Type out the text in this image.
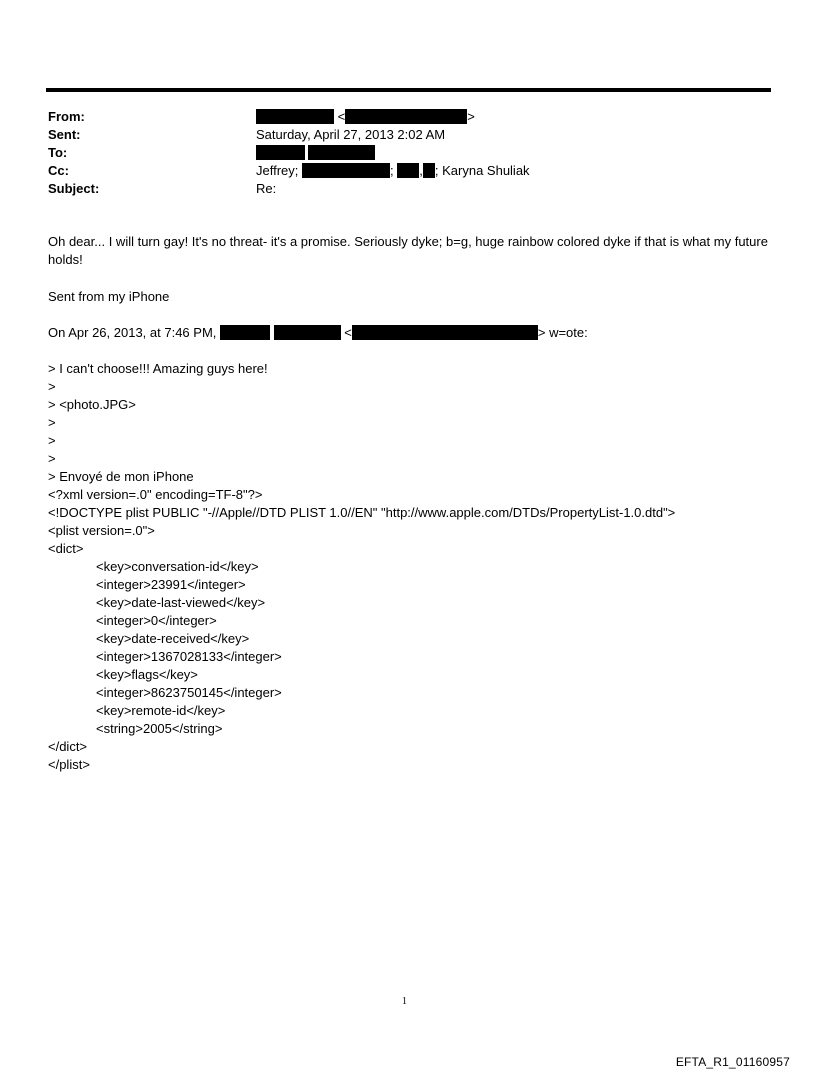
From:	<	>
Sent:	Saturday, April 27, 2013 2:02 AM
To:
Cc:	Jeffrey;	; , ; Karyna Shuliak
Subject:	Re:
Oh dear... I will turn gay! It's no threat- it's a promise. Seriously dyke; b=g, huge rainbow colored dyke if that is what my future holds!
Sent from my iPhone
On Apr 26, 2013, at 7:46 PM,	<	> w=ote:
> I can't choose!!! Amazing guys here!
>
> <photo.JPG>
>
>
>
> Envoyé de mon iPhone
<?xml version=.0" encoding=TF-8"?>
<!DOCTYPE plist PUBLIC "-//Apple//DTD PLIST 1.0//EN" "http://www.apple.com/DTDs/PropertyList-1.0.dtd">
<plist version=.0">
<dict>
<key>conversation-id</key>
<integer>23991</integer>
<key>date-last-viewed</key>
<integer>0</integer>
<key>date-received</key>
<integer>1367028133</integer>
<key>flags</key>
<integer>8623750145</integer>
<key>remote-id</key>
<string>2005</string>
</dict>
</plist>
1
EFTA_R1_01160957
